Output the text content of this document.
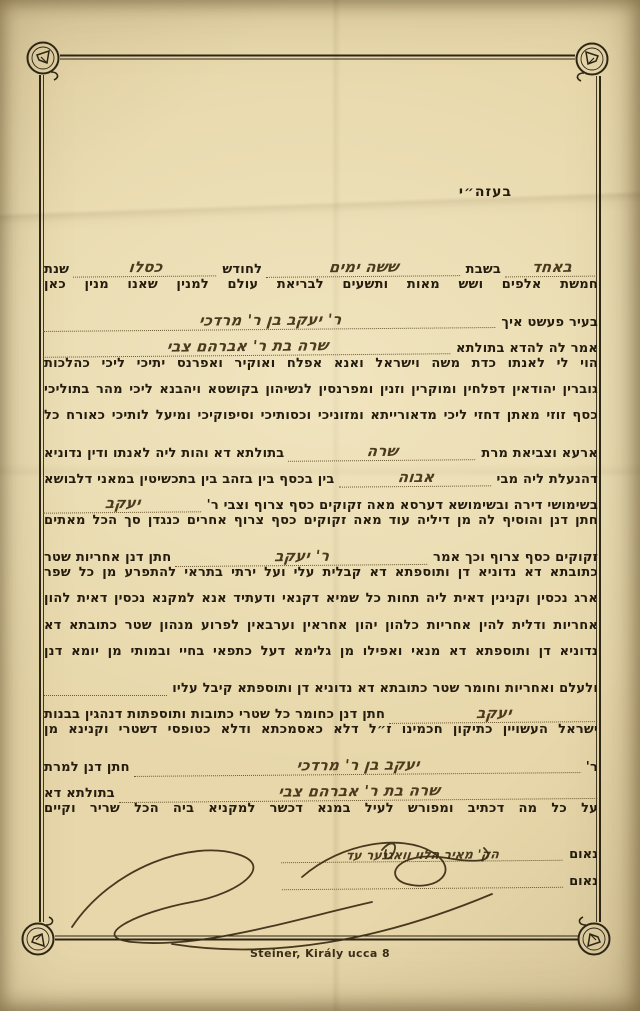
בעזה״י
באחד
בשבת
ששה ימים
לחודש
כסלו
שנת
חמשת אלפים ושש מאות ותשעים לבריאת עולם למנין שאנו מנין כאן
בעיר פעשט איך
ר' יעקב בן ר' מרדכי
אמר לה להדא בתולתא
שרה בת ר' אברהם צבי
הוי לי לאנתו כדת משה וישראל ואנא אפלח ואוקיר ואפרנס יתיכי ליכי כהלכות
גוברין יהודאין דפלחין ומוקרין וזנין ומפרנסין לנשיהון בקושטא ויהבנא ליכי מהר בתוליכי
כסף זוזי מאתן דחזי ליכי מדאורייתא ומזוניכי וכסותיכי וסיפוקיכי ומיעל לותיכי כאורח כל
ארעא וצביאת מרת
שרה
בתולתא דא והות ליה לאנתו ודין נדוניא
דהנעלת ליה מבי
אבוה
בין בכסף בין בזהב בין בתכשיטין במאני דלבושא
בשימושי דירה ובשימושא דערסא מאה זקוקים כסף צרוף וצבי ר'
יעקב
חתן דנן והוסיף לה מן דיליה עוד מאה זקוקים כסף צרוף אחרים כנגדן סך הכל מאתים
זקוקים כסף צרוף וכך אמר
ר' יעקב
חתן דנן אחריות שטר
כתובתא דא נדוניא דן ותוספתא דא קבלית עלי ועל ירתי בתראי להתפרע מן כל שפר
ארג נכסין וקנינין דאית ליה תחות כל שמיא דקנאי ודעתיד אנא למקנא נכסין דאית להון
אחריות ודלית להין אחריות כלהון יהון אחראין וערבאין לפרוע מנהון שטר כתובתא דא
נדוניא דן ותוספתא דא מנאי ואפילו מן גלימא דעל כתפאי בחיי ובמותי מן יומא דנן
ולעלם ואחריות וחומר שטר כתובתא דא נדוניא דן ותוספתא קיבל עליו
יעקב
חתן דנן כחומר כל שטרי כתובות ותוספתות דנהגין בבנות
ישראל העשויין כתיקון חכמינו ז״ל דלא כאסמכתא ודלא כטופסי דשטרי וקנינא מן
ר'
יעקב בן ר' מרדכי
חתן דנן למרת
שרה בת ר' אברהם צבי
בתולתא דא
על כל מה דכתיב ומפורש לעיל במנא דכשר למקניא ביה הכל שריר וקיים
נאום
הק' מאיר הלוי וואגנער עד
נאום
Steiner, Király ucca 8
